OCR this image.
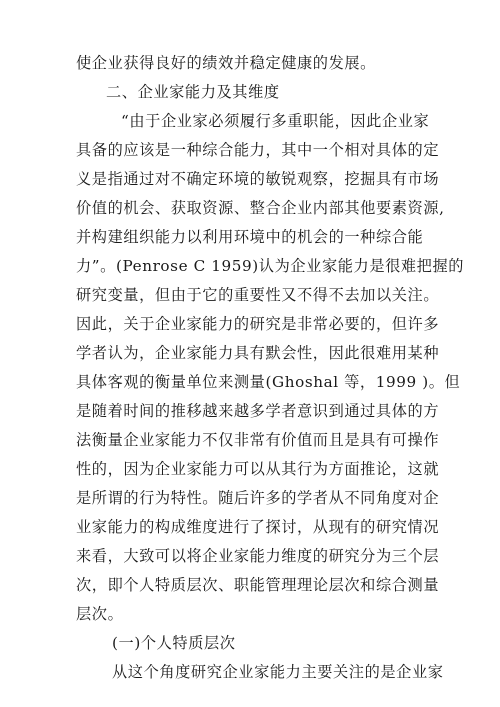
使企业获得良好的绩效并稳定健康的发展。
二、企业家能力及其维度
“由于企业家必须履行多重职能，因此企业家
具备的应该是一种综合能力，其中一个相对具体的定
义是指通过对不确定环境的敏锐观察，挖掘具有市场
价值的机会、获取资源、整合企业内部其他要素资源,
并构建组织能力以利用环境中的机会的一种综合能
力”。(Penrose C 1959)认为企业家能力是很难把握的
研究变量，但由于它的重要性又不得不去加以关注。
因此，关于企业家能力的研究是非常必要的，但许多
学者认为，企业家能力具有默会性，因此很难用某种
具体客观的衡量单位来测量(Ghoshal 等，1999 )。但
是随着时间的推移越来越多学者意识到通过具体的方
法衡量企业家能力不仅非常有价值而且是具有可操作
性的，因为企业家能力可以从其行为方面推论，这就
是所谓的行为特性。随后许多的学者从不同角度对企
业家能力的构成维度进行了探讨，从现有的研究情况
来看，大致可以将企业家能力维度的研究分为三个层
次，即个人特质层次、职能管理理论层次和综合测量
层次。
(一)个人特质层次
从这个角度研究企业家能力主要关注的是企业家
